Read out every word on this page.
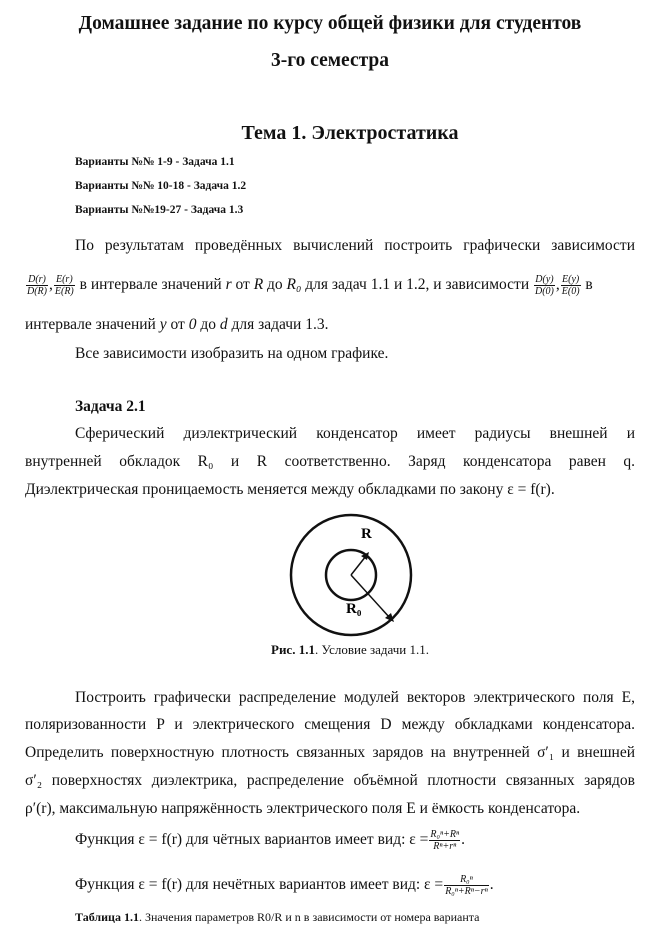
Домашнее задание по курсу общей физики для студентов
3-го семестра
Тема 1. Электростатика
Варианты №№ 1-9 - Задача 1.1
Варианты №№ 10-18 - Задача 1.2
Варианты №№19-27 - Задача 1.3
По результатам проведённых вычислений построить графически зависимости
$\frac{D(r)}{D(R)}$ , $\frac{E(r)}{E(R)}$ в интервале значений r от R до R₀ для задач 1.1 и 1.2, и зависимости $\frac{D(y)}{D(0)}$ , $\frac{E(y)}{E(0)}$ в
интервале значений y от 0 до d для задачи 1.3.
Все зависимости изобразить на одном графике.
Задача 2.1
Сферический диэлектрический конденсатор имеет радиусы внешней и
внутренней обкладок R₀ и R соответственно. Заряд конденсатора равен q.
Диэлектрическая проницаемость меняется между обкладками по закону ε = f(r).
R
R₀
Рис. 1.1. Условие задачи 1.1.
Построить графически распределение модулей векторов электрического поля E,
поляризованности P и электрического смещения D между обкладками конденсатора.
Определить поверхностную плотность связанных зарядов на внутренней σ′₁ и внешней
σ′₂ поверхностях диэлектрика, распределение объёмной плотности связанных зарядов
ρ′(r), максимальную напряжённость электрического поля E и ёмкость конденсатора.
Функция ε = f(r) для чётных вариантов имеет вид: $\varepsilon = \frac{\text{R₀ⁿ+Rⁿ}}{\text{Rⁿ+rⁿ}}$ .
Функция ε = f(r) для нечётных вариантов имеет вид: $\varepsilon = \frac{\text{R₀ⁿ}}{\text{R₀ⁿ+Rⁿ−rⁿ}}$ .
Таблица 1.1. Значения параметров R0/R и n в зависимости от номера варианта
